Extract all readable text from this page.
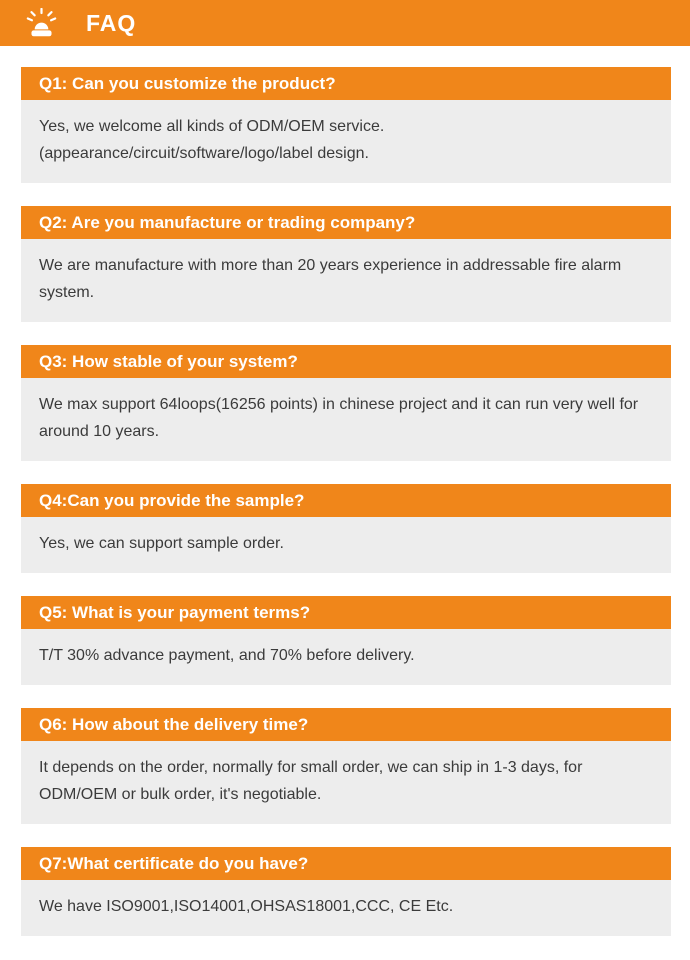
FAQ
Q1: Can you customize the product?

Yes, we welcome all kinds of ODM/OEM service.(appearance/circuit/software/logo/label design.

Q2: Are you manufacture or trading company?

We are manufacture with more than 20 years experience in addressable fire alarm system.

Q3: How stable of your system?

We max support 64loops(16256 points) in chinese project and it can run very well for around 10 years.

Q4:Can you provide the sample?

Yes, we can support sample order.

Q5: What is your payment terms?

T/T 30% advance payment, and 70% before delivery.

Q6: How about the delivery time?

It depends on the order, normally for small order, we can ship in 1-3 days, for ODM/OEM or bulk order, it's negotiable.

Q7:What certificate do you have?

We have ISO9001,ISO14001,OHSAS18001,CCC, CE Etc.
